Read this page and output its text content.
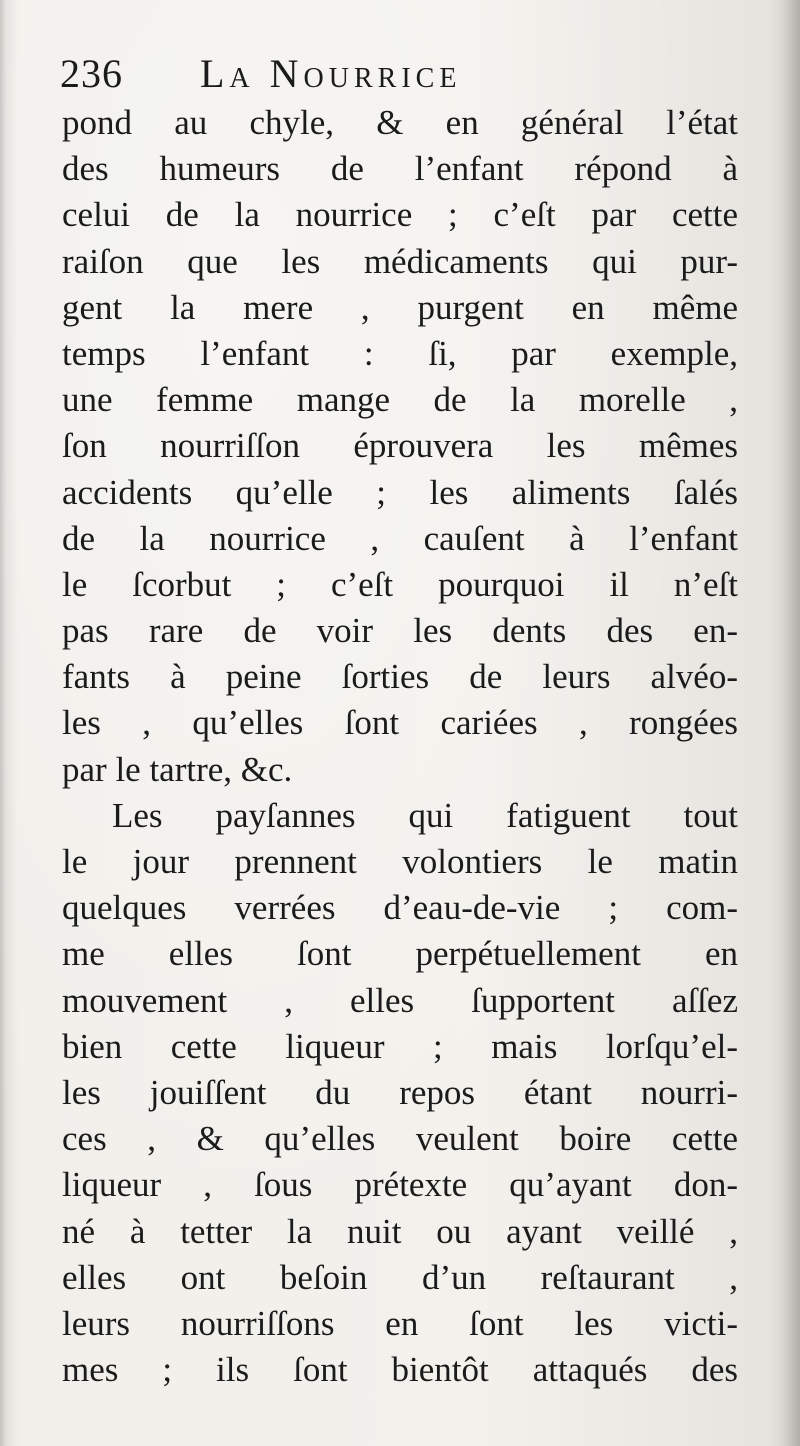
236 La Nourrice
pond au chyle, & en général l’état
des humeurs de l’enfant répond à
celui de la nourrice ; c’eſt par cette
raiſon que les médicaments qui pur-
gent la mere , purgent en même
temps l’enfant : ſi, par exemple,
une femme mange de la morelle ,
ſon nourriſſon éprouvera les mêmes
accidents qu’elle ; les aliments ſalés
de la nourrice , cauſent à l’enfant
le ſcorbut ; c’eſt pourquoi il n’eſt
pas rare de voir les dents des en-
fants à peine ſorties de leurs alvéo-
les , qu’elles ſont cariées , rongées
par le tartre, &c.
Les payſannes qui fatiguent tout
le jour prennent volontiers le matin
quelques verrées d’eau-de-vie ; com-
me elles ſont perpétuellement en
mouvement , elles ſupportent aſſez
bien cette liqueur ; mais lorſqu’el-
les jouiſſent du repos étant nourri-
ces , & qu’elles veulent boire cette
liqueur , ſous prétexte qu’ayant don-
né à tetter la nuit ou ayant veillé ,
elles ont beſoin d’un reſtaurant ,
leurs nourriſſons en ſont les victi-
mes ; ils ſont bientôt attaqués des
